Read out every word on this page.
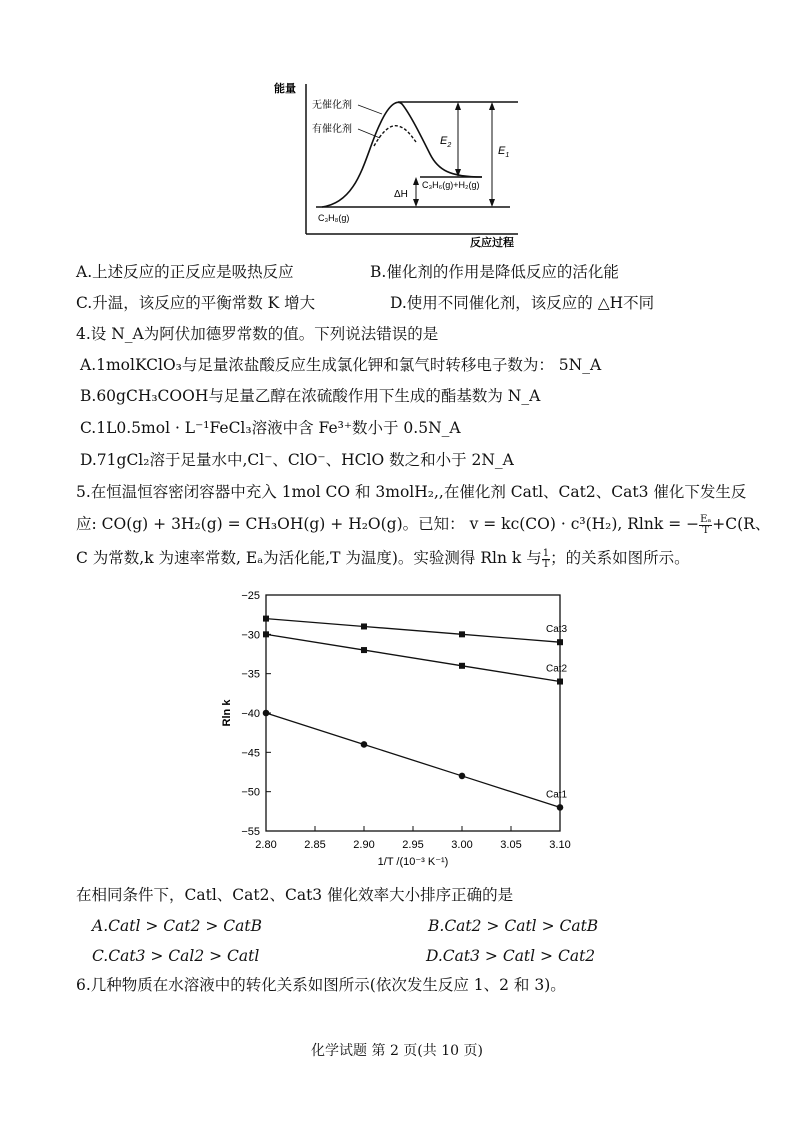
能量
反应过程
$E_2$	$E_1$
ΔH
C₃H₆(g)+H₂(g)
C₃H₈(g)
无催化剂
有催化剂
A.上述反应的正反应是吸热反应	B.催化剂的作用是降低反应的活化能
C.升温，该反应的平衡常数 K 增大	D.使用不同催化剂，该反应的 △H不同
4.设 N_A为阿伏加德罗常数的值。下列说法错误的是
A.1molKClO₃与足量浓盐酸反应生成氯化钾和氯气时转移电子数为： 5N_A
B.60gCH₃COOH与足量乙醇在浓硫酸作用下生成的酯基数为 N_A
C.1L0.5mol · L⁻¹FeCl₃溶液中含 Fe³⁺数小于 0.5N_A
D.71gCl₂溶于足量水中,Cl⁻、ClO⁻、HClO 数之和小于 2N_A
5.在恒温恒容密闭容器中充入 1mol CO 和 3molH₂,,在催化剂 Catl、Cat2、Cat3 催化下发生反
应: CO(g) + 3H₂(g) = CH₃OH(g) + H₂O(g)。已知： v = kc(CO) · c³(H₂), Rlnk = − $\frac{\text{Eₐ}}{T} +C(R$、
C 为常数,k 为速率常数, Eₐ为活化能,T 为温度)。实验测得 Rln k 与 $\frac{1}{T}$ ；的关系如图所示。
−25
−30
−35
−40
−45
−50
−55
2.80	2.85	2.90	2.95	3.00	3.05	3.10
Cat3
Cat2
Cat1
Rln k
1/T /(10⁻³ K⁻¹)
在相同条件下，Catl、Cat2、Cat3 催化效率大小排序正确的是
A.Catl > Cat2 > CatB	B.Cat2 > Catl > CatB
C.Cat3 > Cal2 > Catl	D.Cat3 > Catl > Cat2
6.几种物质在水溶液中的转化关系如图所示(依次发生反应 1、2 和 3)。
化学试题 第 2 页(共 10 页)
